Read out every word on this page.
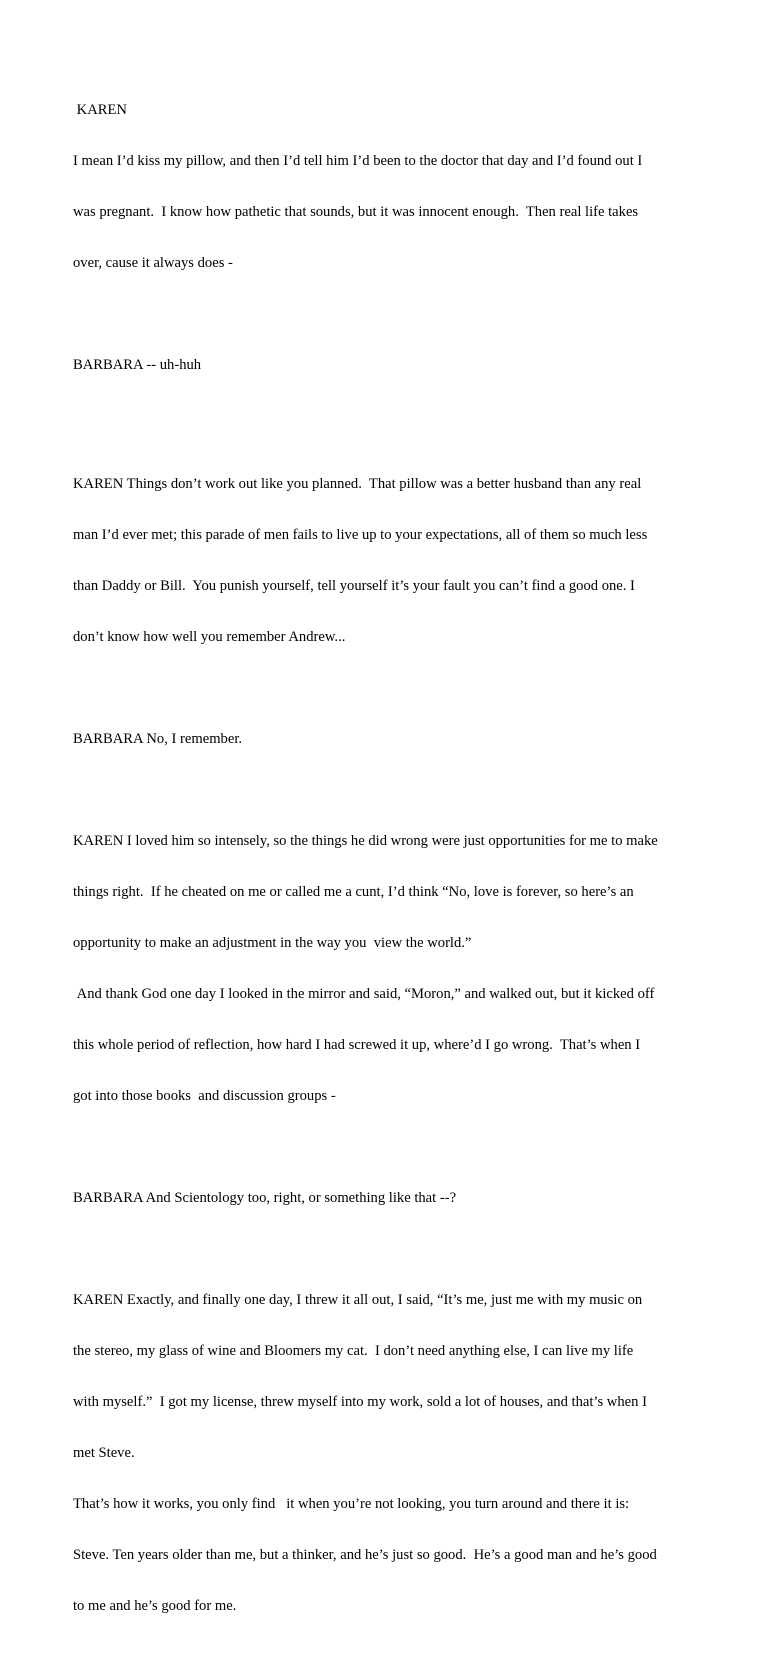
KAREN

I mean I’d kiss my pillow, and then I’d tell him I’d been to the doctor that day and I’d found out I

was pregnant.  I know how pathetic that sounds, but it was innocent enough.  Then real life takes

over, cause it always does -

BARBARA -- uh-huh

KAREN Things don’t work out like you planned.  That pillow was a better husband than any real

man I’d ever met; this parade of men fails to live up to your expectations, all of them so much less

than Daddy or Bill.  You punish yourself, tell yourself it’s your fault you can’t find a good one. I

don’t know how well you remember Andrew...

BARBARA No, I remember.

KAREN I loved him so intensely, so the things he did wrong were just opportunities for me to make

things right.  If he cheated on me or called me a cunt, I’d think “No, love is forever, so here’s an

opportunity to make an adjustment in the way you  view the world.”

And thank God one day I looked in the mirror and said, “Moron,” and walked out, but it kicked off

this whole period of reflection, how hard I had screwed it up, where’d I go wrong.  That’s when I

got into those books  and discussion groups -

BARBARA And Scientology too, right, or something like that --?

KAREN Exactly, and finally one day, I threw it all out, I said, “It’s me, just me with my music on

the stereo, my glass of wine and Bloomers my cat.  I don’t need anything else, I can live my life

with myself.”  I got my license, threw myself into my work, sold a lot of houses, and that’s when I

met Steve.

That’s how it works, you only find   it when you’re not looking, you turn around and there it is:

Steve. Ten years older than me, but a thinker, and he’s just so good.  He’s a good man and he’s good

to me and he’s good for me.
